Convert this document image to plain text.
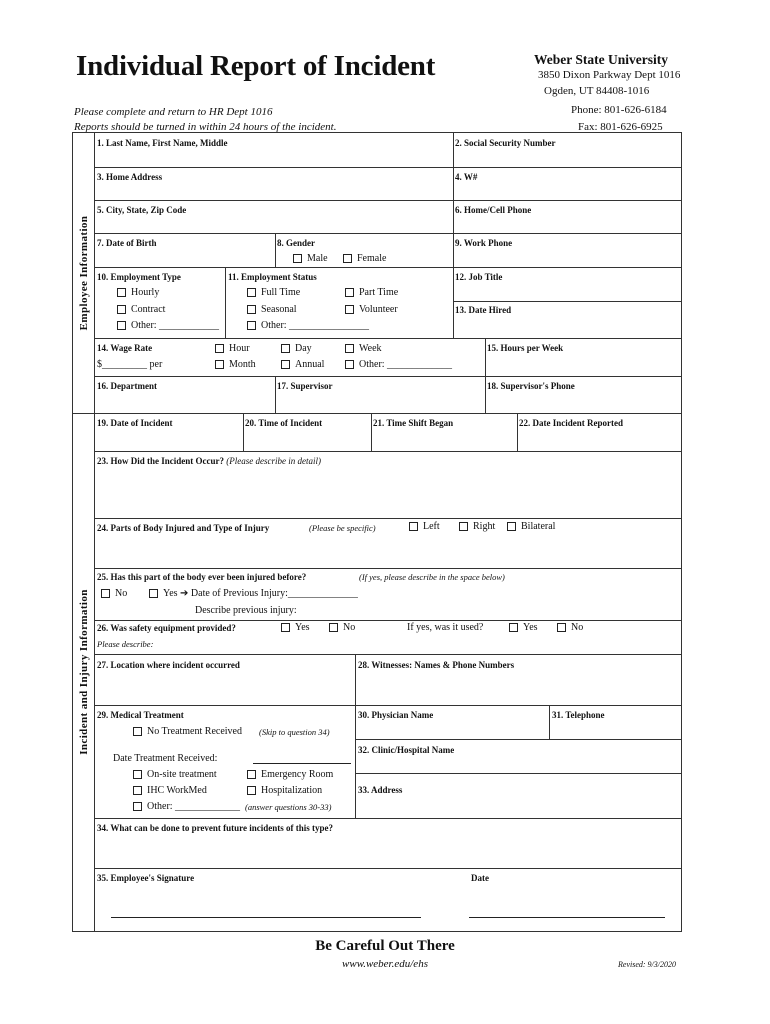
Individual Report of Incident	Weber State University
3850 Dixon Parkway Dept 1016
Ogden, UT 84408-1016
Phone: 801-626-6184
Fax: 801-626-6925
Please complete and return to HR Dept 1016
Reports should be turned in within 24 hours of the incident.
Employee Information
Incident and Injury Information
1. Last Name, First Name, Middle	2. Social Security Number
3. Home Address	4. W#
5. City, State, Zip Code	6. Home/Cell Phone
7. Date of Birth	8. Gender
Male	Female
9. Work Phone
10. Employment Type
Hourly
Contract
Other: ____________
11. Employment Status
Full Time	Part Time
Seasonal	Volunteer
Other: ________________
12. Job Title
13. Date Hired
14. Wage Rate
$_________ per
Hour	Day	Week
Month	Annual	Other: _____________
15. Hours per Week
16. Department	17. Supervisor	18. Supervisor's Phone
19. Date of Incident	20. Time of Incident	21. Time Shift Began	22. Date Incident Reported
23. How Did the Incident Occur? (Please describe in detail)
24. Parts of Body Injured and Type of Injury	(Please be specific)	Left	Right	Bilateral
25. Has this part of the body ever been injured before?	(If yes, please describe in the space below)
No	Yes ➔ Date of Previous Injury:______________
Describe previous injury:
26. Was safety equipment provided?	Yes	No	If yes, was it used?	Yes	No
Please describe:
27. Location where incident occurred	28. Witnesses: Names & Phone Numbers
29. Medical Treatment
No Treatment Received (Skip to question 34)
Date Treatment Received:
On-site treatment	Emergency Room
IHC WorkMed	Hospitalization
Other: _____________ (answer questions 30-33)
30. Physician Name	31. Telephone
32. Clinic/Hospital Name
33. Address
34. What can be done to prevent future incidents of this type?
35. Employee's Signature	Date
Be Careful Out There
www.weber.edu/ehs	Revised: 9/3/2020
